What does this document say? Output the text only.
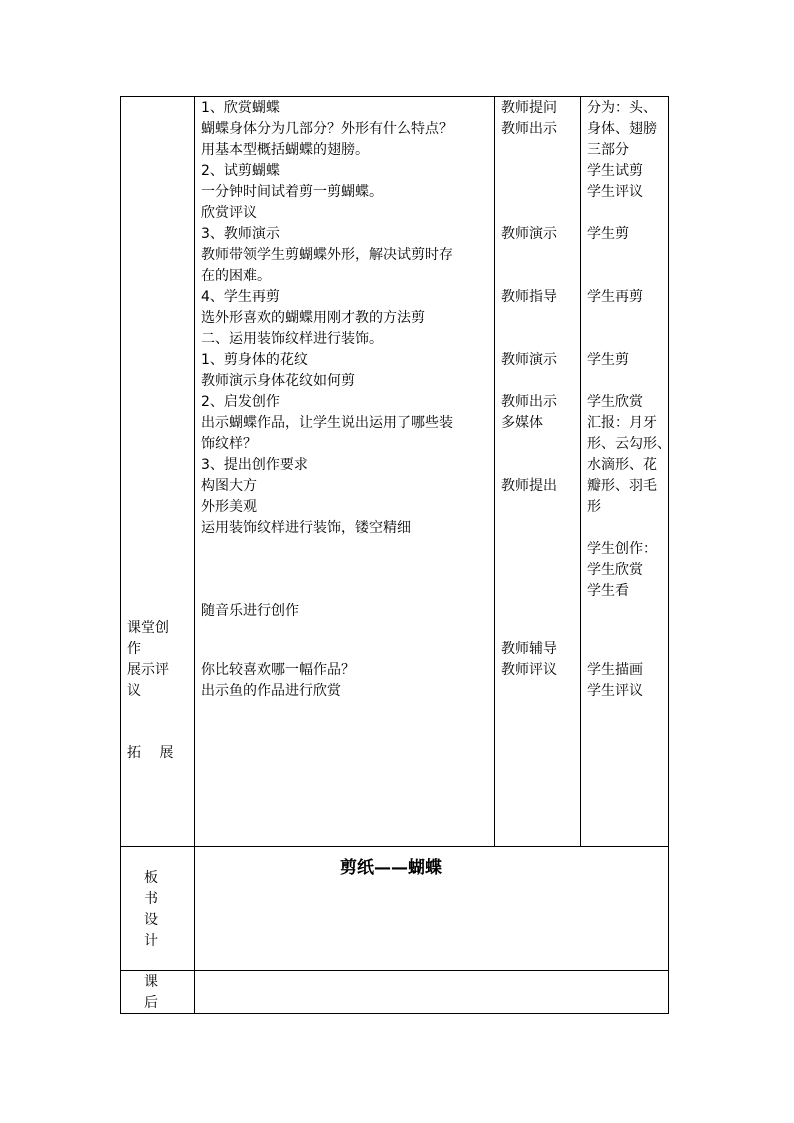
课堂创
作
展示评
议
拓　 展
1、欣赏蝴蝶
蝴蝶身体分为几部分？外形有什么特点？
用基本型概括蝴蝶的翅膀。
2、试剪蝴蝶
一分钟时间试着剪一剪蝴蝶。
欣赏评议
3、教师演示
教师带领学生剪蝴蝶外形，解决试剪时存
在的困难。
4、学生再剪
选外形喜欢的蝴蝶用刚才教的方法剪
二、运用装饰纹样进行装饰。
1、剪身体的花纹
教师演示身体花纹如何剪
2、启发创作
出示蝴蝶作品，让学生说出运用了哪些装
饰纹样？
3、提出创作要求
构图大方
外形美观
运用装饰纹样进行装饰，镂空精细
随音乐进行创作
你比较喜欢哪一幅作品？
出示鱼的作品进行欣赏
教师提问
教师出示
教师演示
教师指导
教师演示
教师出示
多媒体
教师提出
教师辅导
教师评议
分为：头、
身体、翅膀
三部分
学生试剪
学生评议
学生剪
学生再剪
学生剪
学生欣赏
汇报：月牙
形、云勾形、
水滴形、花
瓣形、羽毛
形
学生创作：
学生欣赏
学生看
学生描画
学生评议
板
书
设
计
剪纸——蝴蝶
课
后
